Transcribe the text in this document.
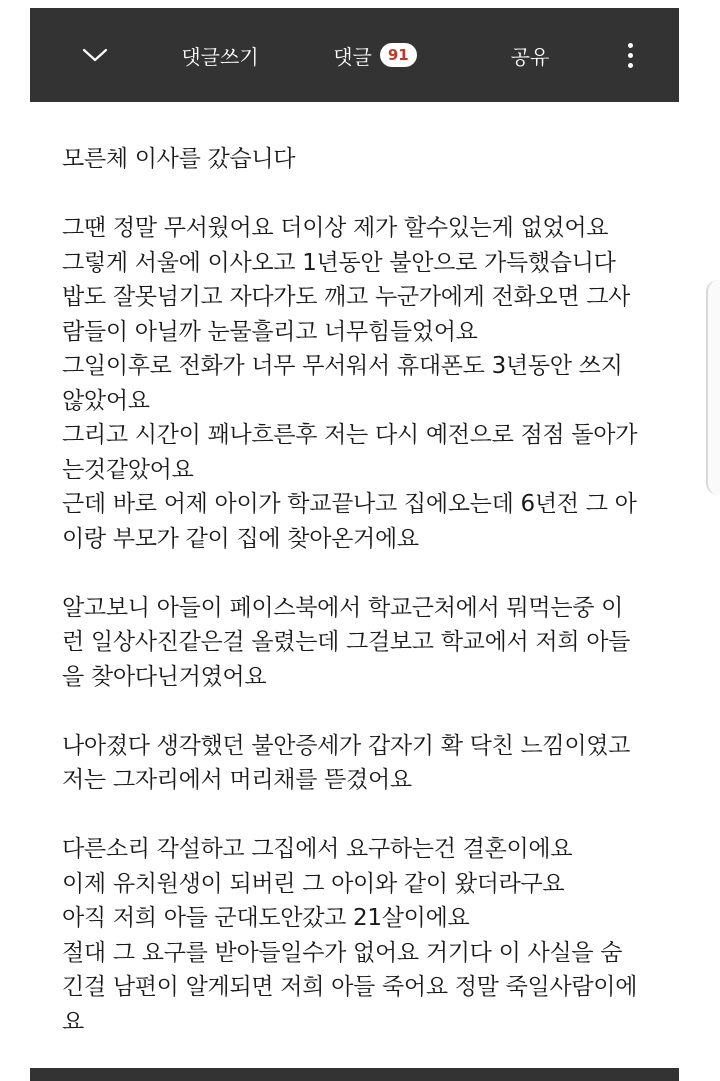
댓글쓰기	댓글	91	공유
모른체 이사를 갔습니다
그땐 정말 무서웠어요 더이상 제가 할수있는게 없었어요
그렇게 서울에 이사오고 1년동안 불안으로 가득했습니다
밥도 잘못넘기고 자다가도 깨고 누군가에게 전화오면 그사
람들이 아닐까 눈물흘리고 너무힘들었어요
그일이후로 전화가 너무 무서워서 휴대폰도 3년동안 쓰지
않았어요
그리고 시간이 꽤나흐른후 저는 다시 예전으로 점점 돌아가
는것같았어요
근데 바로 어제 아이가 학교끝나고 집에오는데 6년전 그 아
이랑 부모가 같이 집에 찾아온거에요
알고보니 아들이 페이스북에서 학교근처에서 뭐먹는중 이
런 일상사진같은걸 올렸는데 그걸보고 학교에서 저희 아들
을 찾아다닌거였어요
나아졌다 생각했던 불안증세가 갑자기 확 닥친 느낌이였고
저는 그자리에서 머리채를 뜯겼어요
다른소리 각설하고 그집에서 요구하는건 결혼이에요
이제 유치원생이 되버린 그 아이와 같이 왔더라구요
아직 저희 아들 군대도안갔고 21살이에요
절대 그 요구를 받아들일수가 없어요 거기다 이 사실을 숨
긴걸 남편이 알게되면 저희 아들 죽어요 정말 죽일사람이에
요
